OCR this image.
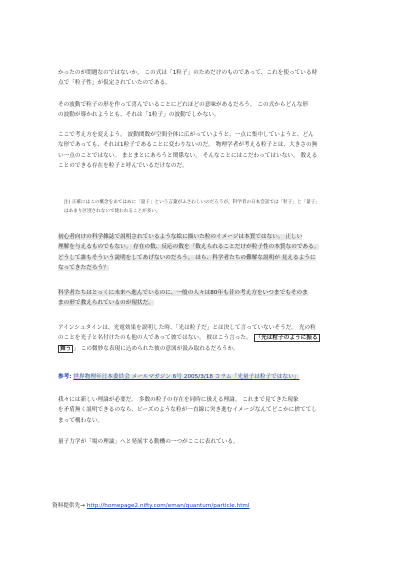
かったのが問題なのではないか。 この式は「1粒子」のためだけのものであって、これを使っている時
点で「粒子性」が仮定されていたのである。
その波動で粒子の形を作って喜んでいることにどれほどの意味があるだろう。 この式からどんな形
の波動が導かれようとも、それは「1粒子」の波動でしかない。
ここで考え方を変えよう。 波動関数が空間全体に広がっていようと、一点に集中していようと、どん
な形であっても、それは1粒子であることに変わりないのだ。 物理学者が考える粒子とは、大きさの無
い一点のことではない。 まとまとにあろうと関係ない。 そんなことにはこだわってはいない。 数える
ことのできる存在を粒子と呼んでいるだけなのだ。
注) 正確にはこの概念をあてはめに「量子」という言葉がふさわしいのだろうが、科学者の日本会話では「粒子」と「量子」
はあまり区別されないで使われることが多い。
初心者向けの科学雑誌で説明されているような絵に描いた粒のイメージは本質ではない。 正しい
理解を与えるものでもない。 存在の数、反応の数を「数えられることだけが粒子性の本質なのである。
どうして誰もそういう説明をしてあげないのだろう。 ほら、科学者たちの難解な説明が 見えるように
なってきただろう？
科学者たちはとっくに未来へ進んでいるのに、一般の人々は80年も昔の考え方をいつまでもそのま
まの形で教えられているのが現状だ。
アインシュタインは、光電効果を説明した時、「光は粒子だ」とは決して言っていないそうだ。 光の粒
のことを光子と名付けたのも他の人であって彼ではない。 彼はこう言った。 「光は粒子のように振る
舞う 」 この微妙な表現に込められた彼の意図が汲み取れるだろうか。
参考: 世界物理年日本委員会 メールマガジン 6号 2005/3/18 コラム「光量子は粒子ではない」
我々には新しい理論が必要だ。 多数の粒子の存在を同時に扱える理論。 これまで見てきた現象
を矛盾無く説明できるのなら、ビーズのような粒が一直線に突き進むイメージなんてどこかに捨ててし
まって構わない。
量子力学が「場の理論」へと発展する動機の一つがここに表れている。
資料提供先→ http://homepage2.nifty.com/eman/quantum/particle.html
